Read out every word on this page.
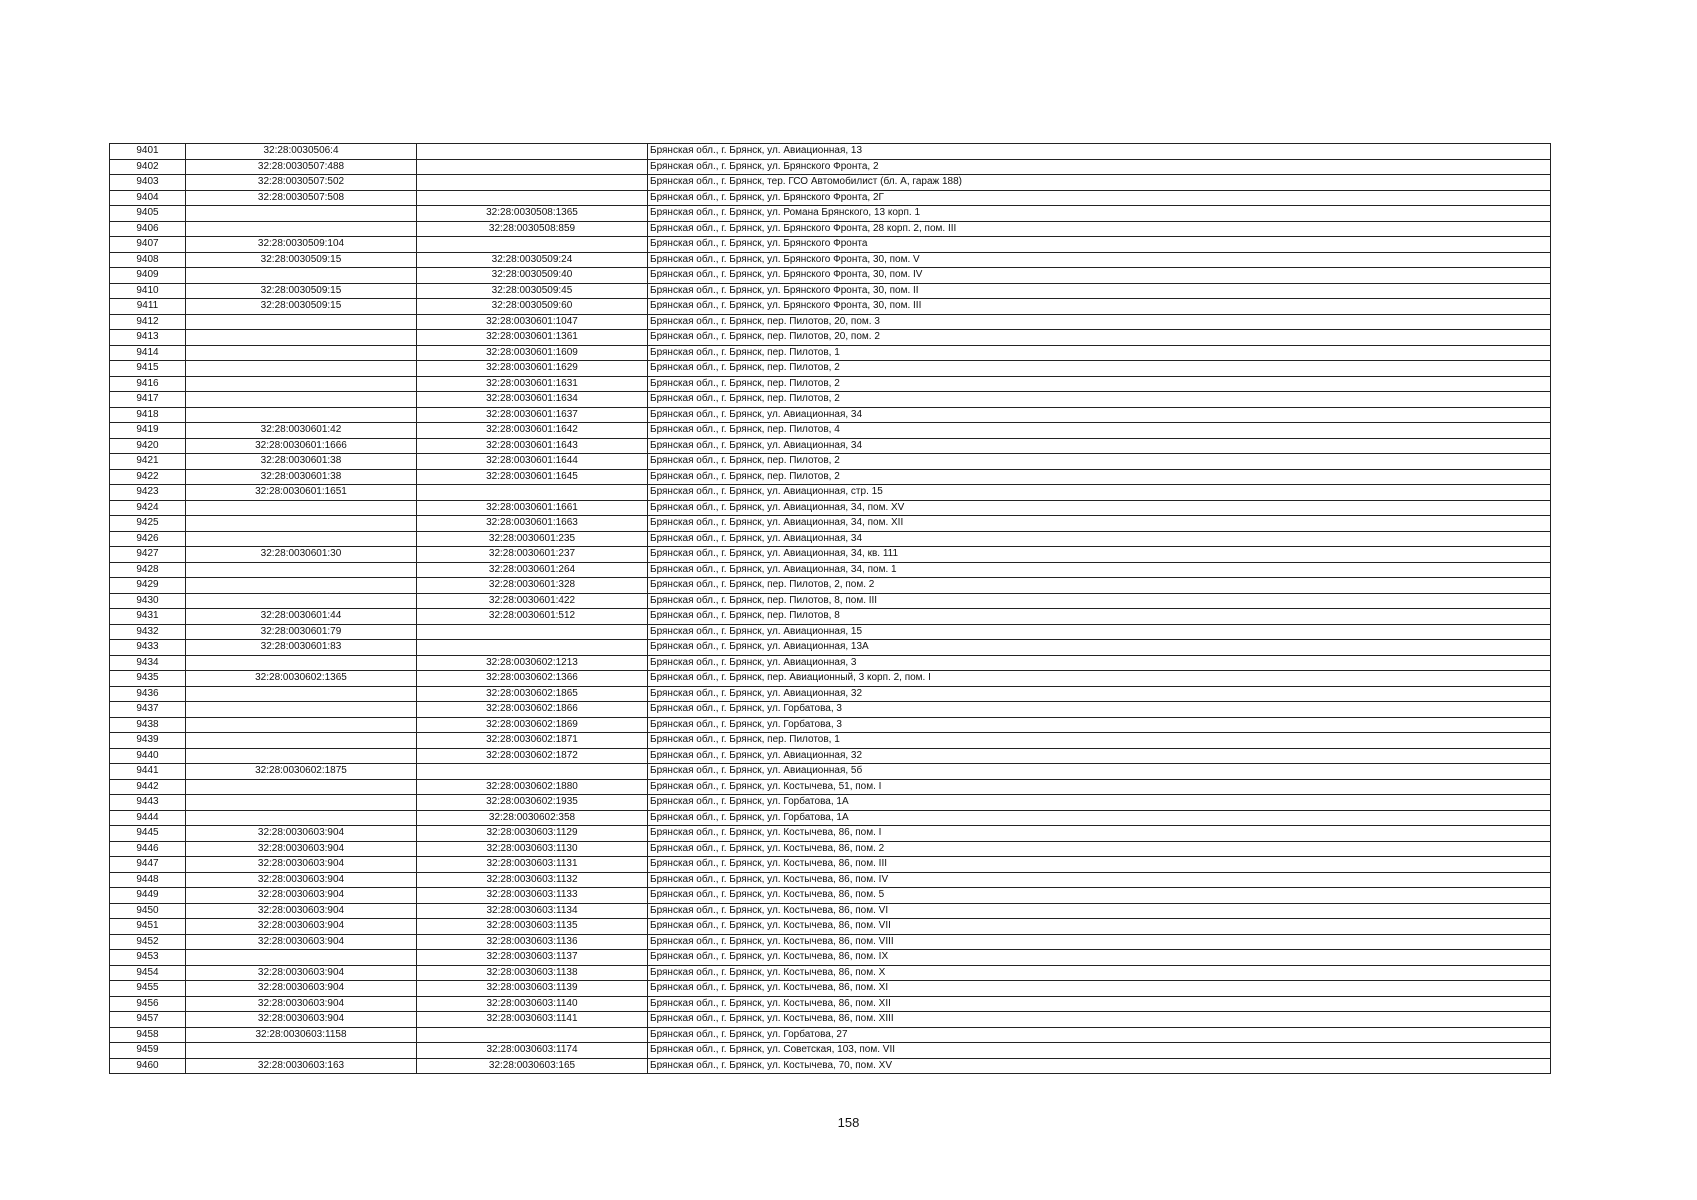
9401	32:28:0030506:4		Брянская обл., г. Брянск, ул. Авиационная, 13
9402	32:28:0030507:488		Брянская обл., г. Брянск, ул. Брянского Фронта, 2
9403	32:28:0030507:502		Брянская обл., г. Брянск, тер. ГСО Автомобилист (бл. А, гараж 188)
9404	32:28:0030507:508		Брянская обл., г. Брянск, ул. Брянского Фронта, 2Г
9405		32:28:0030508:1365	Брянская обл., г. Брянск, ул. Романа Брянского, 13 корп. 1
9406		32:28:0030508:859	Брянская обл., г. Брянск, ул. Брянского Фронта, 28 корп. 2, пом. III
9407	32:28:0030509:104		Брянская обл., г. Брянск, ул. Брянского Фронта
9408	32:28:0030509:15	32:28:0030509:24	Брянская обл., г. Брянск, ул. Брянского Фронта, 30, пом. V
9409		32:28:0030509:40	Брянская обл., г. Брянск, ул. Брянского Фронта, 30, пом. IV
9410	32:28:0030509:15	32:28:0030509:45	Брянская обл., г. Брянск, ул. Брянского Фронта, 30, пом. II
9411	32:28:0030509:15	32:28:0030509:60	Брянская обл., г. Брянск, ул. Брянского Фронта, 30, пом. III
9412		32:28:0030601:1047	Брянская обл., г. Брянск, пер. Пилотов, 20, пом. 3
9413		32:28:0030601:1361	Брянская обл., г. Брянск, пер. Пилотов, 20, пом. 2
9414		32:28:0030601:1609	Брянская обл., г. Брянск, пер. Пилотов, 1
9415		32:28:0030601:1629	Брянская обл., г. Брянск, пер. Пилотов, 2
9416		32:28:0030601:1631	Брянская обл., г. Брянск, пер. Пилотов, 2
9417		32:28:0030601:1634	Брянская обл., г. Брянск, пер. Пилотов, 2
9418		32:28:0030601:1637	Брянская обл., г. Брянск, ул. Авиационная, 34
9419	32:28:0030601:42	32:28:0030601:1642	Брянская обл., г. Брянск, пер. Пилотов, 4
9420	32:28:0030601:1666	32:28:0030601:1643	Брянская обл., г. Брянск, ул. Авиационная, 34
9421	32:28:0030601:38	32:28:0030601:1644	Брянская обл., г. Брянск, пер. Пилотов, 2
9422	32:28:0030601:38	32:28:0030601:1645	Брянская обл., г. Брянск, пер. Пилотов, 2
9423	32:28:0030601:1651		Брянская обл., г. Брянск, ул. Авиационная, стр. 15
9424		32:28:0030601:1661	Брянская обл., г. Брянск, ул. Авиационная, 34, пом. XV
9425		32:28:0030601:1663	Брянская обл., г. Брянск, ул. Авиационная, 34, пом. XII
9426		32:28:0030601:235	Брянская обл., г. Брянск, ул. Авиационная, 34
9427	32:28:0030601:30	32:28:0030601:237	Брянская обл., г. Брянск, ул. Авиационная, 34, кв. 111
9428		32:28:0030601:264	Брянская обл., г. Брянск, ул. Авиационная, 34, пом. 1
9429		32:28:0030601:328	Брянская обл., г. Брянск, пер. Пилотов, 2, пом. 2
9430		32:28:0030601:422	Брянская обл., г. Брянск, пер. Пилотов, 8, пом. III
9431	32:28:0030601:44	32:28:0030601:512	Брянская обл., г. Брянск, пер. Пилотов, 8
9432	32:28:0030601:79		Брянская обл., г. Брянск, ул. Авиационная, 15
9433	32:28:0030601:83		Брянская обл., г. Брянск, ул. Авиационная, 13А
9434		32:28:0030602:1213	Брянская обл., г. Брянск, ул. Авиационная, 3
9435	32:28:0030602:1365	32:28:0030602:1366	Брянская обл., г. Брянск, пер. Авиационный, 3 корп. 2, пом. I
9436		32:28:0030602:1865	Брянская обл., г. Брянск, ул. Авиационная, 32
9437		32:28:0030602:1866	Брянская обл., г. Брянск, ул. Горбатова, 3
9438		32:28:0030602:1869	Брянская обл., г. Брянск, ул. Горбатова, 3
9439		32:28:0030602:1871	Брянская обл., г. Брянск, пер. Пилотов, 1
9440		32:28:0030602:1872	Брянская обл., г. Брянск, ул. Авиационная, 32
9441	32:28:0030602:1875		Брянская обл., г. Брянск, ул. Авиационная, 5б
9442		32:28:0030602:1880	Брянская обл., г. Брянск, ул. Костычева, 51, пом. I
9443		32:28:0030602:1935	Брянская обл., г. Брянск, ул. Горбатова, 1А
9444		32:28:0030602:358	Брянская обл., г. Брянск, ул. Горбатова, 1А
9445	32:28:0030603:904	32:28:0030603:1129	Брянская обл., г. Брянск, ул. Костычева, 86, пом. I
9446	32:28:0030603:904	32:28:0030603:1130	Брянская обл., г. Брянск, ул. Костычева, 86, пом. 2
9447	32:28:0030603:904	32:28:0030603:1131	Брянская обл., г. Брянск, ул. Костычева, 86, пом. III
9448	32:28:0030603:904	32:28:0030603:1132	Брянская обл., г. Брянск, ул. Костычева, 86, пом. IV
9449	32:28:0030603:904	32:28:0030603:1133	Брянская обл., г. Брянск, ул. Костычева, 86, пом. 5
9450	32:28:0030603:904	32:28:0030603:1134	Брянская обл., г. Брянск, ул. Костычева, 86, пом. VI
9451	32:28:0030603:904	32:28:0030603:1135	Брянская обл., г. Брянск, ул. Костычева, 86, пом. VII
9452	32:28:0030603:904	32:28:0030603:1136	Брянская обл., г. Брянск, ул. Костычева, 86, пом. VIII
9453		32:28:0030603:1137	Брянская обл., г. Брянск, ул. Костычева, 86, пом. IX
9454	32:28:0030603:904	32:28:0030603:1138	Брянская обл., г. Брянск, ул. Костычева, 86, пом. X
9455	32:28:0030603:904	32:28:0030603:1139	Брянская обл., г. Брянск, ул. Костычева, 86, пом. XI
9456	32:28:0030603:904	32:28:0030603:1140	Брянская обл., г. Брянск, ул. Костычева, 86, пом. XII
9457	32:28:0030603:904	32:28:0030603:1141	Брянская обл., г. Брянск, ул. Костычева, 86, пом. XIII
9458	32:28:0030603:1158		Брянская обл., г. Брянск, ул. Горбатова, 27
9459		32:28:0030603:1174	Брянская обл., г. Брянск, ул. Советская, 103, пом. VII
9460	32:28:0030603:163	32:28:0030603:165	Брянская обл., г. Брянск, ул. Костычева, 70, пом. XV
158
